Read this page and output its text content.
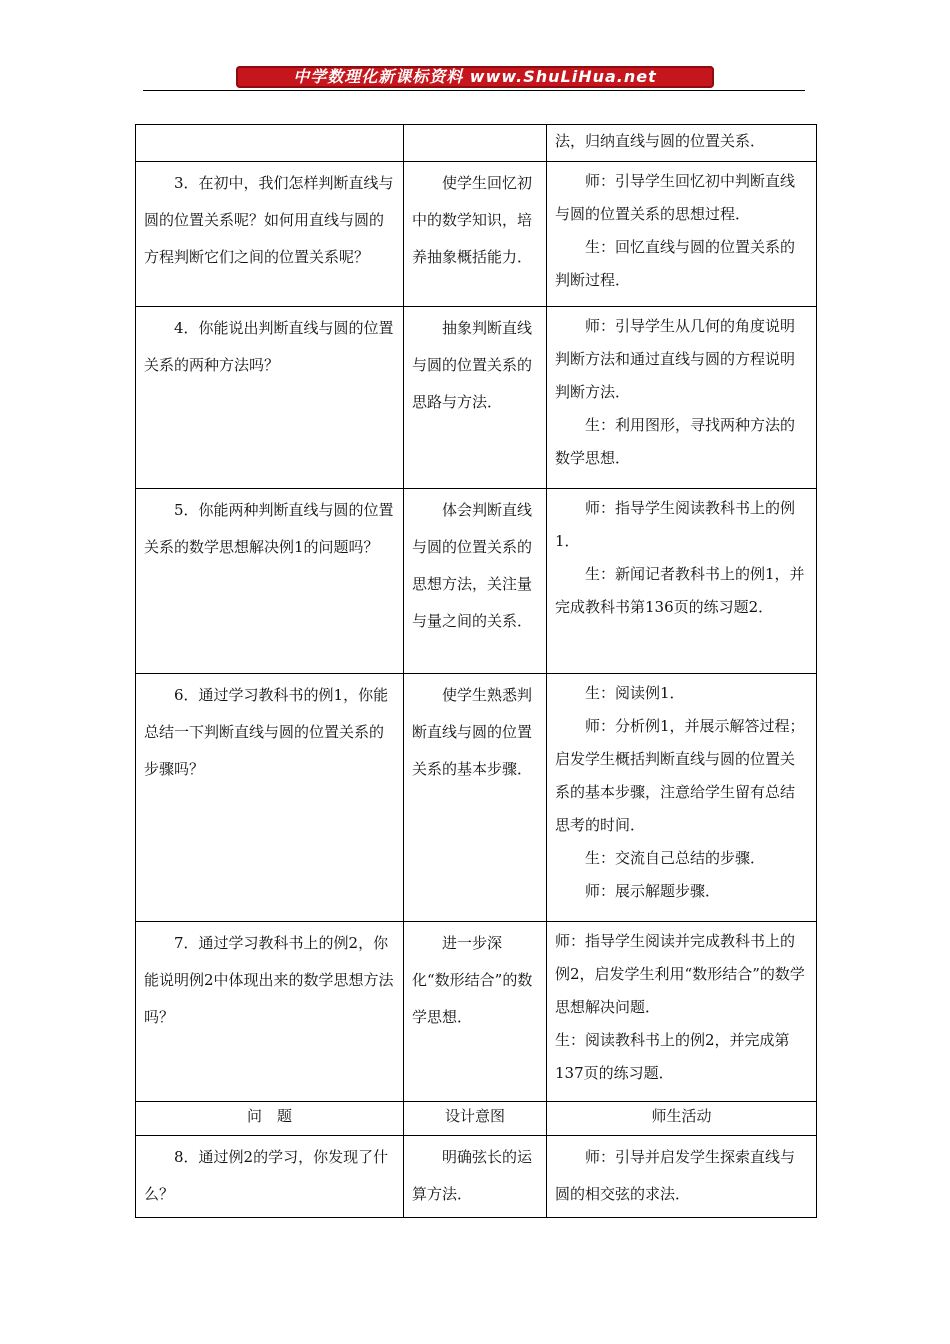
中学数理化新课标资料 www.ShuLiHua.net

		法，归纳直线与圆的位置关系．

3．在初中，我们怎样判断直线与圆的位置关系呢？如何用直线与圆的方程判断它们之间的位置关系呢？	使学生回忆初中的数学知识，培养抽象概括能力．	师：引导学生回忆初中判断直线与圆的位置关系的思想过程．

生：回忆直线与圆的位置关系的判断过程．

4．你能说出判断直线与圆的位置关系的两种方法吗？	抽象判断直线与圆的位置关系的思路与方法．	师：引导学生从几何的角度说明判断方法和通过直线与圆的方程说明判断方法．

生：利用图形，寻找两种方法的数学思想．

5．你能两种判断直线与圆的位置关系的数学思想解决例1的问题吗？	体会判断直线与圆的位置关系的思想方法，关注量与量之间的关系．	师：指导学生阅读教科书上的例1．

生：新闻记者教科书上的例1，并完成教科书第136页的练习题2．

6．通过学习教科书的例1，你能总结一下判断直线与圆的位置关系的步骤吗？	使学生熟悉判断直线与圆的位置关系的基本步骤．	生：阅读例1．

师：分析例1，并展示解答过程；启发学生概括判断直线与圆的位置关系的基本步骤，注意给学生留有总结思考的时间．

生：交流自己总结的步骤．

师：展示解题步骤．

7．通过学习教科书上的例2，你能说明例2中体现出来的数学思想方法吗？	进一步深化“数形结合”的数学思想．	师：指导学生阅读并完成教科书上的例2，启发学生利用“数形结合”的数学思想解决问题．

生：阅读教科书上的例2，并完成第137页的练习题．

问　题	设计意图	师生活动

8．通过例2的学习，你发现了什么？	明确弦长的运算方法．	师：引导并启发学生探索直线与圆的相交弦的求法．
